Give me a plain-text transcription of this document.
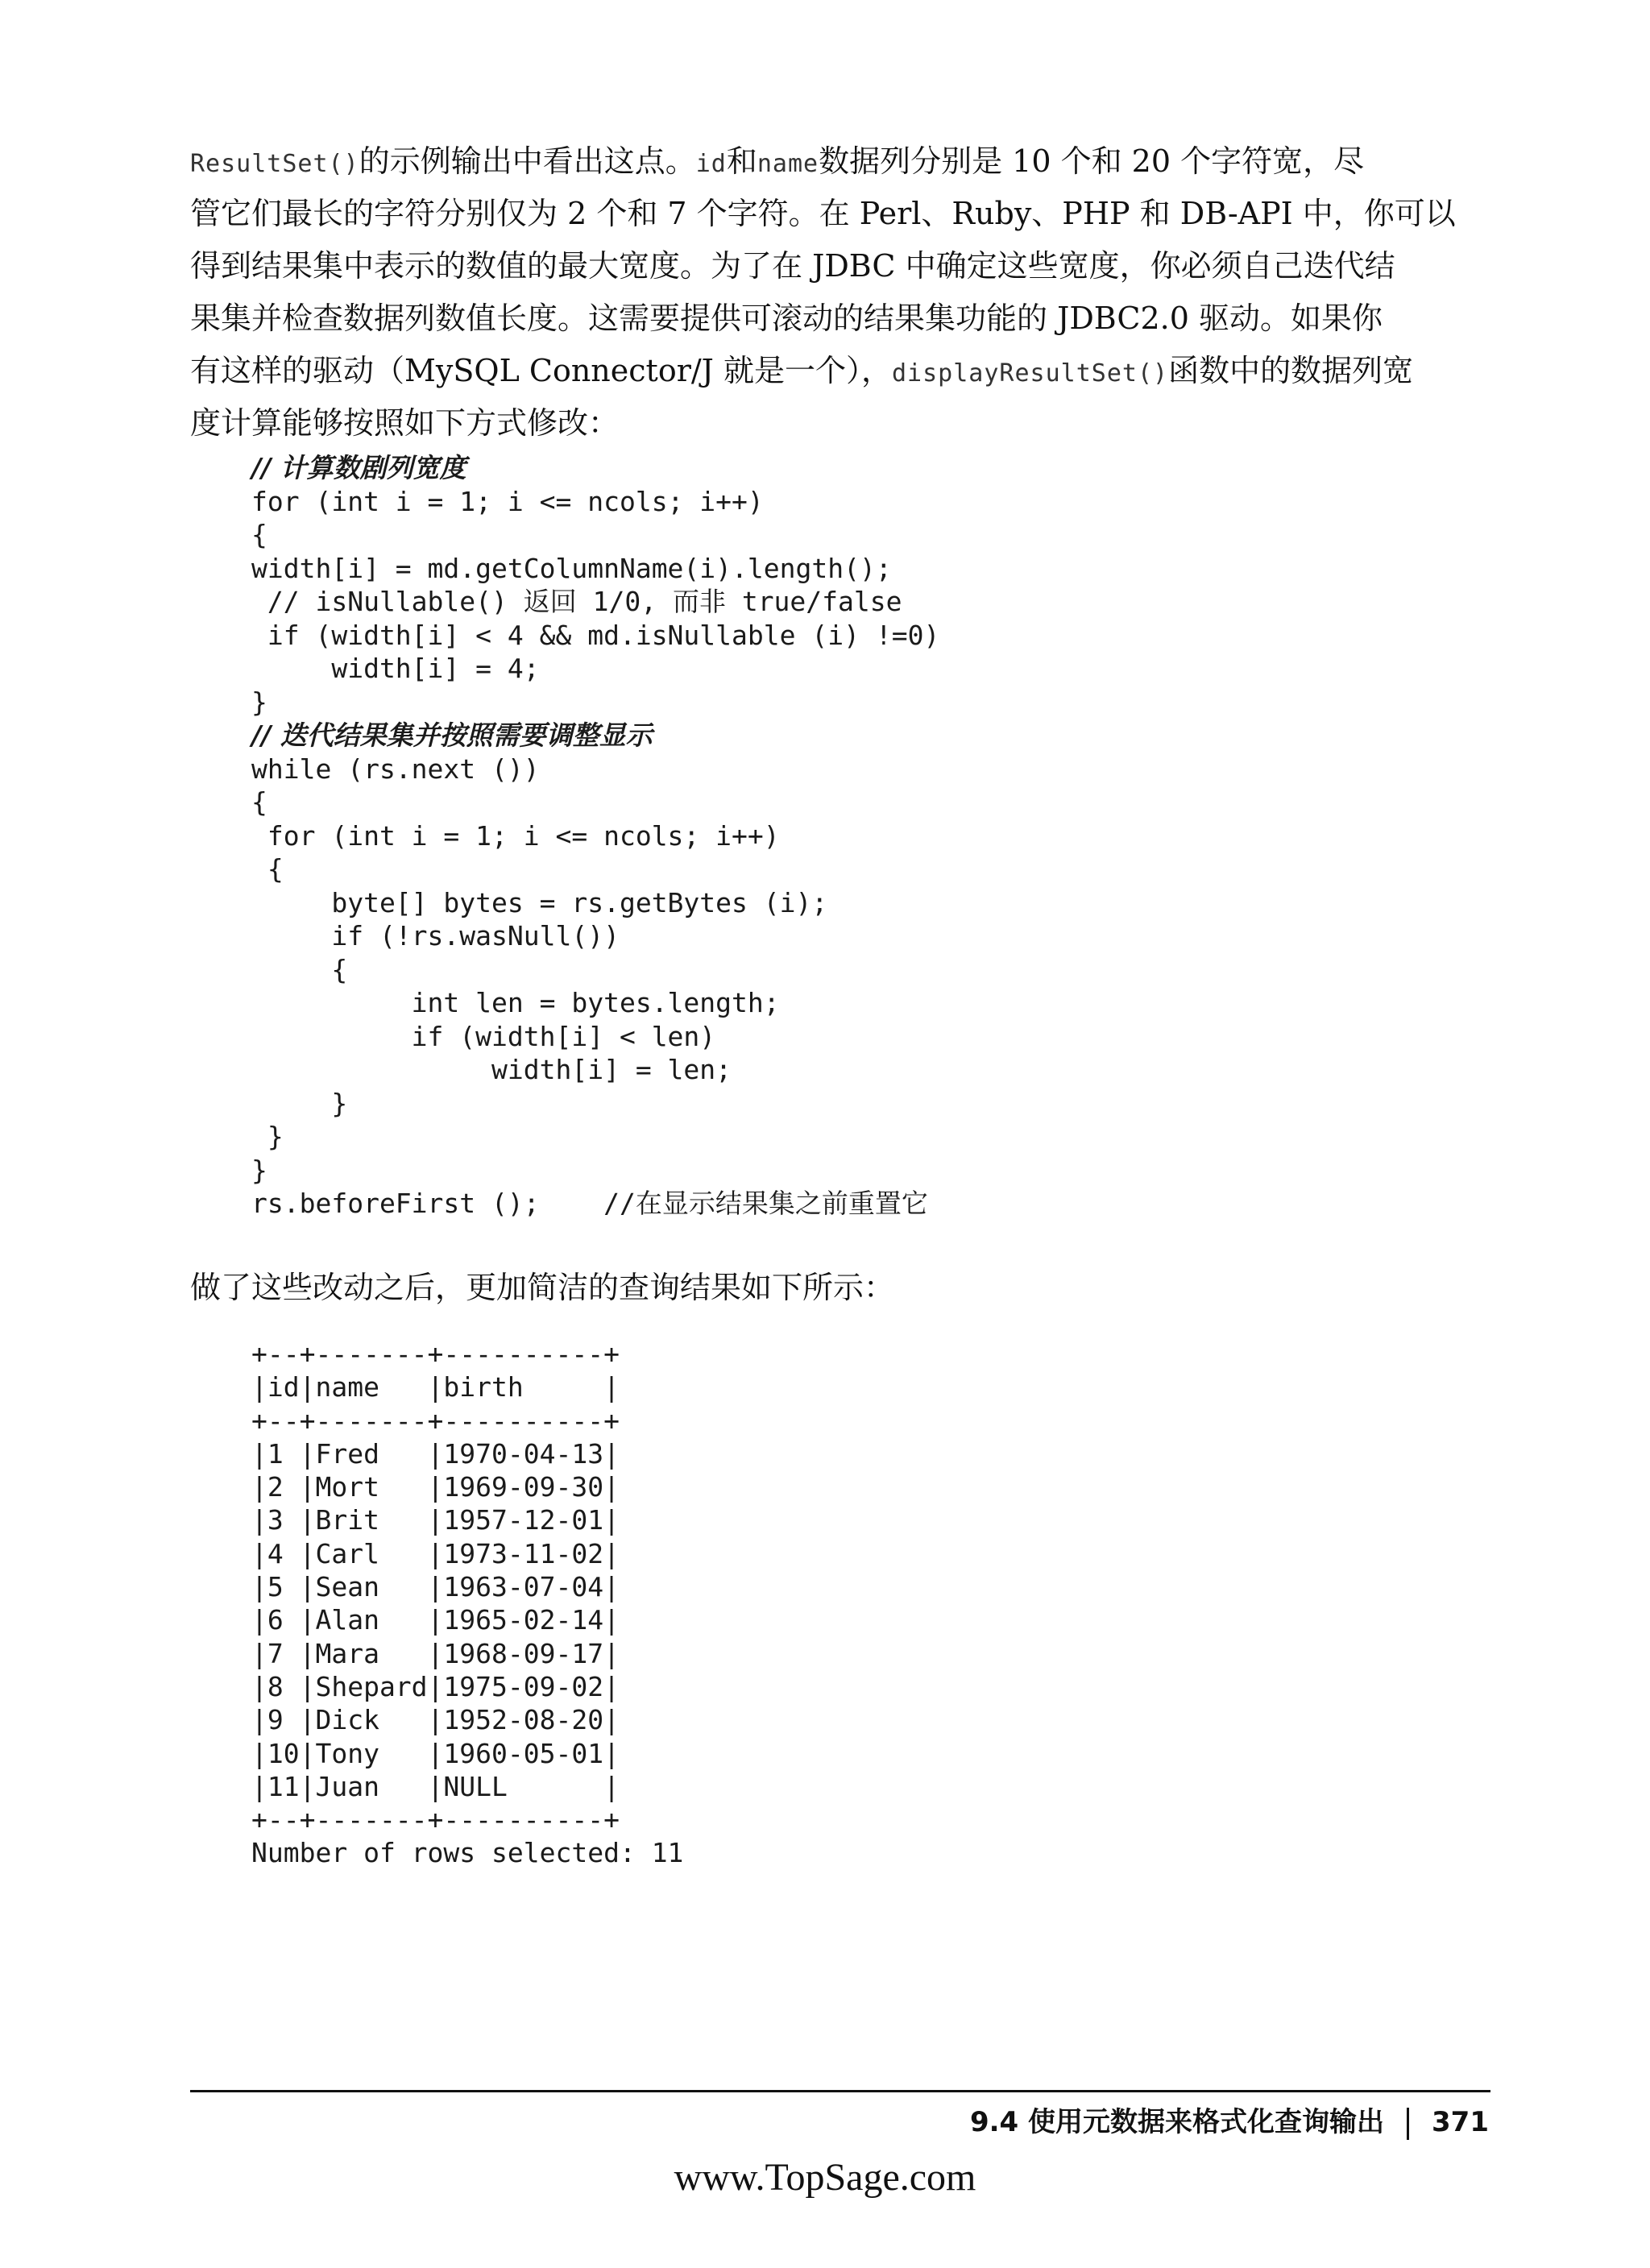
ResultSet()的示例输出中看出这点。id和name数据列分别是 10 个和 20 个字符宽，尽
管它们最长的字符分别仅为 2 个和 7 个字符。在 Perl、Ruby、PHP 和 DB-API 中，你可以
得到结果集中表示的数值的最大宽度。为了在 JDBC 中确定这些宽度，你必须自己迭代结
果集并检查数据列数值长度。这需要提供可滚动的结果集功能的 JDBC2.0 驱动。如果你
有这样的驱动（MySQL Connector/J 就是一个），displayResultSet()函数中的数据列宽
度计算能够按照如下方式修改：
// 计算数剧列宽度
for (int i = 1; i <= ncols; i++)
{
width[i] = md.getColumnName(i).length();
// isNullable() 返回 1/0, 而非 true/false
if (width[i] < 4 && md.isNullable (i) !=0)
width[i] = 4;
}
// 迭代结果集并按照需要调整显示
while (rs.next ())
{
for (int i = 1; i <= ncols; i++)
{
byte[] bytes = rs.getBytes (i);
if (!rs.wasNull())
{
int len = bytes.length;
if (width[i] < len)
width[i] = len;
}
}
}
rs.beforeFirst ();    //在显示结果集之前重置它
做了这些改动之后，更加简洁的查询结果如下所示：
+--+-------+----------+
|id|name   |birth     |
+--+-------+----------+
|1 |Fred   |1970-04-13|
|2 |Mort   |1969-09-30|
|3 |Brit   |1957-12-01|
|4 |Carl   |1973-11-02|
|5 |Sean   |1963-07-04|
|6 |Alan   |1965-02-14|
|7 |Mara   |1968-09-17|
|8 |Shepard|1975-09-02|
|9 |Dick   |1952-08-20|
|10|Tony   |1960-05-01|
|11|Juan   |NULL      |
+--+-------+----------+
Number of rows selected: 11
9.4 使用元数据来格式化查询输出 371
www.TopSage.com
